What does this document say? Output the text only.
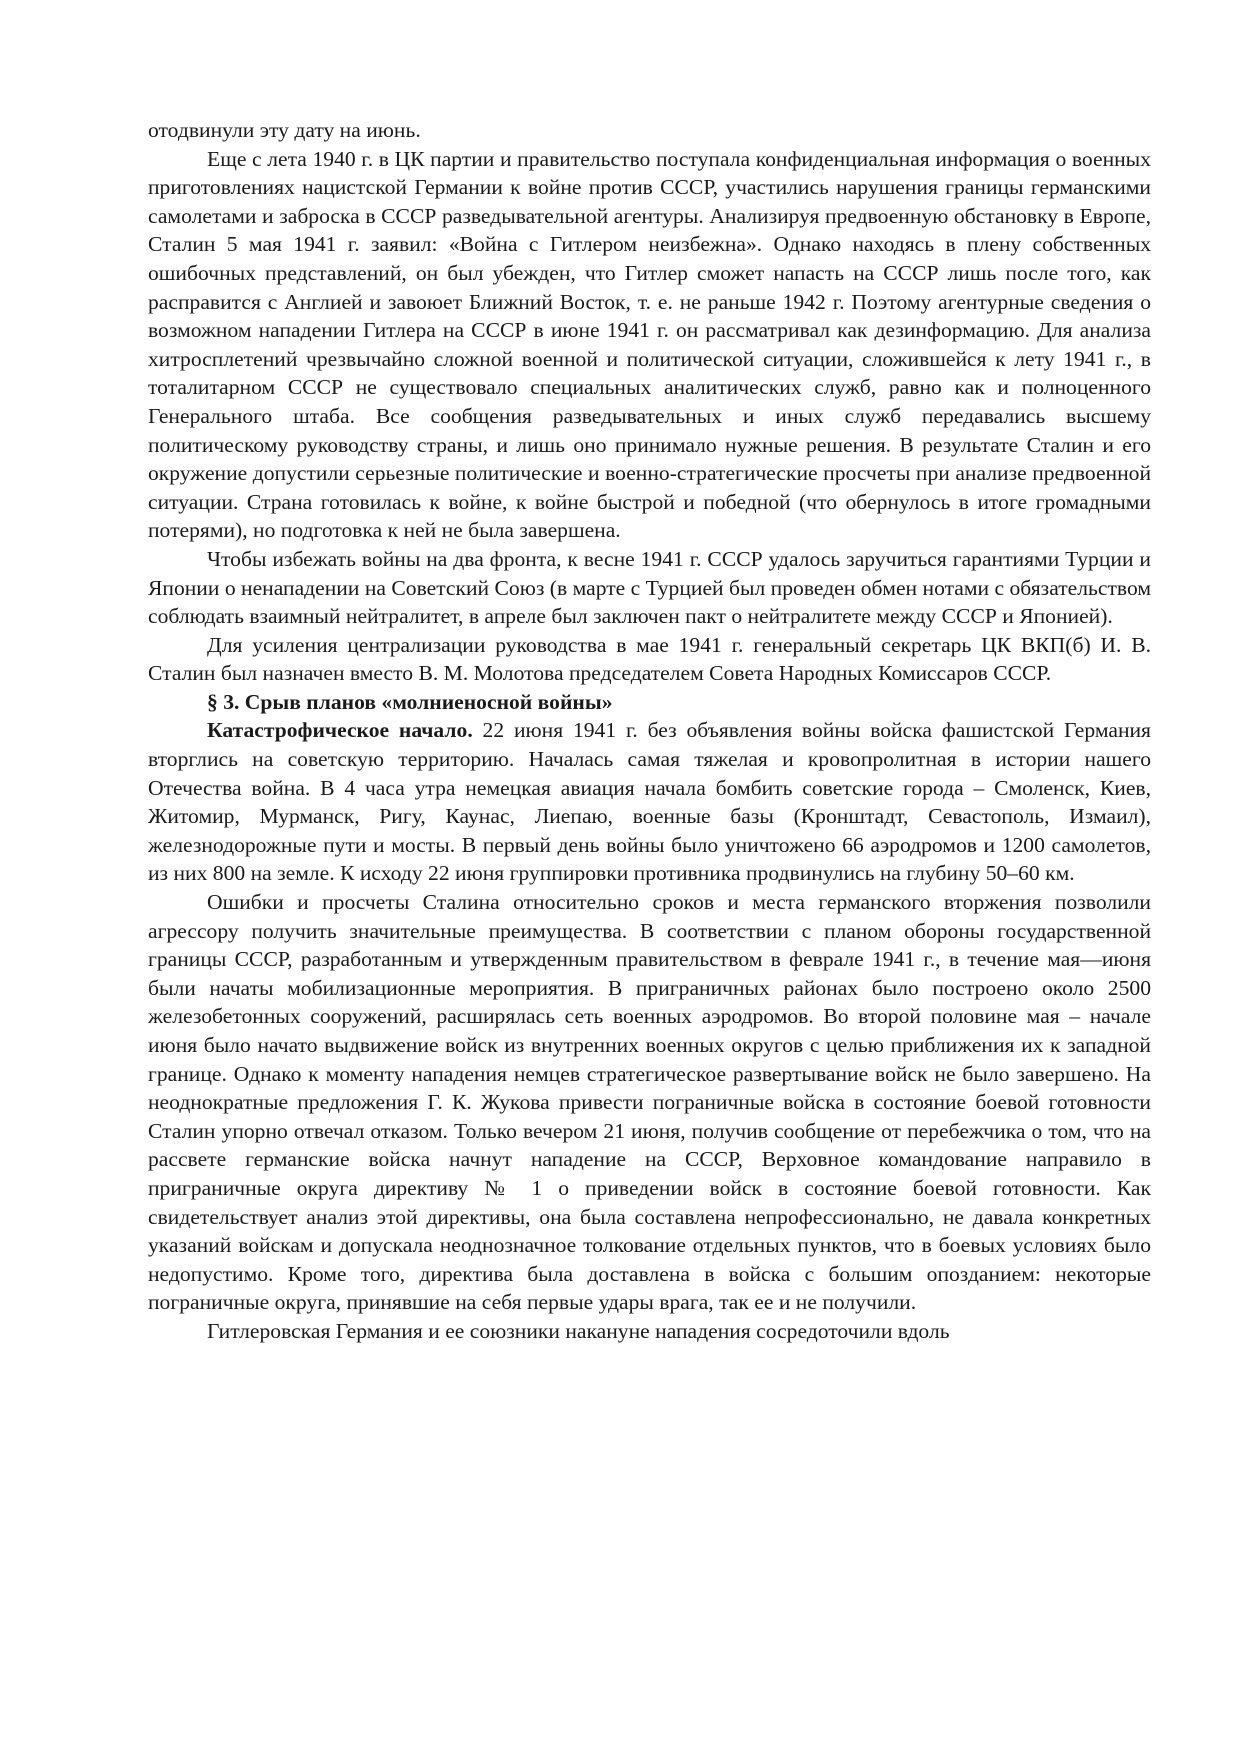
отодвинули эту дату на июнь.

Еще с лета 1940 г. в ЦК партии и правительство поступала конфиденциальная информация о военных приготовлениях нацистской Германии к войне против СССР, участились нарушения границы германскими самолетами и заброска в СССР разведывательной агентуры. Анализируя предвоенную обстановку в Европе, Сталин 5 мая 1941 г. заявил: «Война с Гитлером неизбежна». Однако находясь в плену собственных ошибочных представлений, он был убежден, что Гитлер сможет напасть на СССР лишь после того, как расправится с Англией и завоюет Ближний Восток, т. е. не раньше 1942 г. Поэтому агентурные сведения о возможном нападении Гитлера на СССР в июне 1941 г. он рассматривал как дезинформацию. Для анализа хитросплетений чрезвычайно сложной военной и политической ситуации, сложившейся к лету 1941 г., в тоталитарном СССР не существовало специальных аналитических служб, равно как и полноценного Генерального штаба. Все сообщения разведывательных и иных служб передавались высшему политическому руководству страны, и лишь оно принимало нужные решения. В результате Сталин и его окружение допустили серьезные политические и военно-стратегические просчеты при анализе предвоенной ситуации. Страна готовилась к войне, к войне быстрой и победной (что обернулось в итоге громадными потерями), но подготовка к ней не была завершена.

Чтобы избежать войны на два фронта, к весне 1941 г. СССР удалось заручиться гарантиями Турции и Японии о ненападении на Советский Союз (в марте с Турцией был проведен обмен нотами с обязательством соблюдать взаимный нейтралитет, в апреле был заключен пакт о нейтралитете между СССР и Японией).

Для усиления централизации руководства в мае 1941 г. генеральный секретарь ЦК ВКП(б) И. В. Сталин был назначен вместо В. М. Молотова председателем Совета Народных Комиссаров СССР.

§ 3. Срыв планов «молниеносной войны»

Катастрофическое начало. 22 июня 1941 г. без объявления войны войска фашистской Германия вторглись на советскую территорию. Началась самая тяжелая и кровопролитная в истории нашего Отечества война. В 4 часа утра немецкая авиация начала бомбить советские города – Смоленск, Киев, Житомир, Мурманск, Ригу, Каунас, Лиепаю, военные базы (Кронштадт, Севастополь, Измаил), железнодорожные пути и мосты. В первый день войны было уничтожено 66 аэродромов и 1200 самолетов, из них 800 на земле. К исходу 22 июня группировки противника продвинулись на глубину 50–60 км.

Ошибки и просчеты Сталина относительно сроков и места германского вторжения позволили агрессору получить значительные преимущества. В соответствии с планом обороны государственной границы СССР, разработанным и утвержденным правительством в феврале 1941 г., в течение мая—июня были начаты мобилизационные мероприятия. В приграничных районах было построено около 2500 железобетонных сооружений, расширялась сеть военных аэродромов. Во второй половине мая – начале июня было начато выдвижение войск из внутренних военных округов с целью приближения их к западной границе. Однако к моменту нападения немцев стратегическое развертывание войск не было завершено. На неоднократные предложения Г. К. Жукова привести пограничные войска в состояние боевой готовности Сталин упорно отвечал отказом. Только вечером 21 июня, получив сообщение от перебежчика о том, что на рассвете германские войска начнут нападение на СССР, Верховное командование направило в приграничные округа директиву № 1 о приведении войск в состояние боевой готовности. Как свидетельствует анализ этой директивы, она была составлена непрофессионально, не давала конкретных указаний войскам и допускала неоднозначное толкование отдельных пунктов, что в боевых условиях было недопустимо. Кроме того, директива была доставлена в войска с большим опозданием: некоторые пограничные округа, принявшие на себя первые удары врага, так ее и не получили.

Гитлеровская Германия и ее союзники накануне нападения сосредоточили вдоль
